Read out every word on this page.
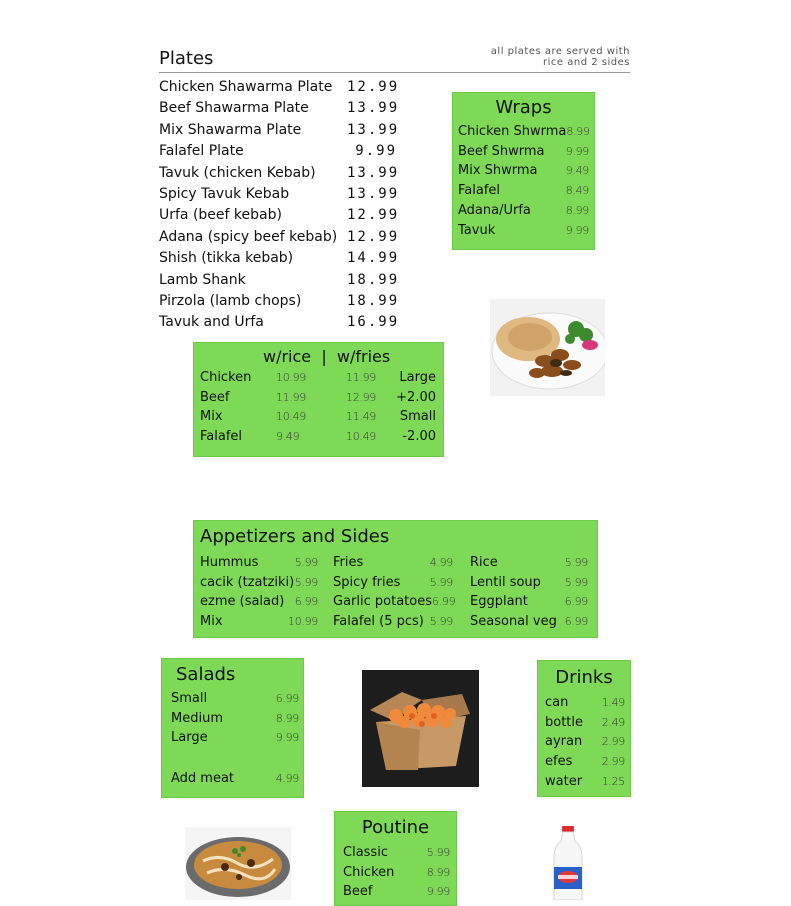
Plates	all plates are served with
rice and 2 sides
Chicken Shawarma Plate	12.99
Beef Shawarma Plate	13.99
Mix Shawarma Plate	13.99
Falafel Plate	9.99
Tavuk (chicken Kebab)	13.99
Spicy Tavuk Kebab	13.99
Urfa (beef kebab)	12.99
Adana (spicy beef kebab) 12.99
Shish (tikka kebab)	14.99
Lamb Shank	18.99
Pirzola (lamb chops)	18.99
Tavuk and Urfa	16.99
Wraps
Chicken Shwrma 8.99
Beef Shwrma 9.99
Mix Shwrma	9.49
Falafel	8.49
Adana/Urfa	8.99
Tavuk	9.99
w/rice  |  w/fries
Chicken	10.99	11.99	Large
Beef	11.99	12.99	+2.00
Mix	10.49	11.49	Small
Falafel	9.49	10.49	-2.00
Appetizers and Sides
Hummus	5.99
cacik (tzatziki) 5.99
ezme (salad) 6.99
Mix	10.99
Fries	4.99
Spicy fries	5.99
Garlic potatoes 6.99
Falafel (5 pcs) 5.99
Rice	5.99
Lentil soup 5.99
Eggplant	6.99
Seasonal veg 6.99
Salads
Small	6.99
Medium	8.99
Large	9.99
Add meat	4.99
Drinks
can	1.49
bottle 2.49
ayran 2.99
efes	2.99
water 1.25
Poutine
Classic	5.99
Chicken	8.99
Beef	9.99
